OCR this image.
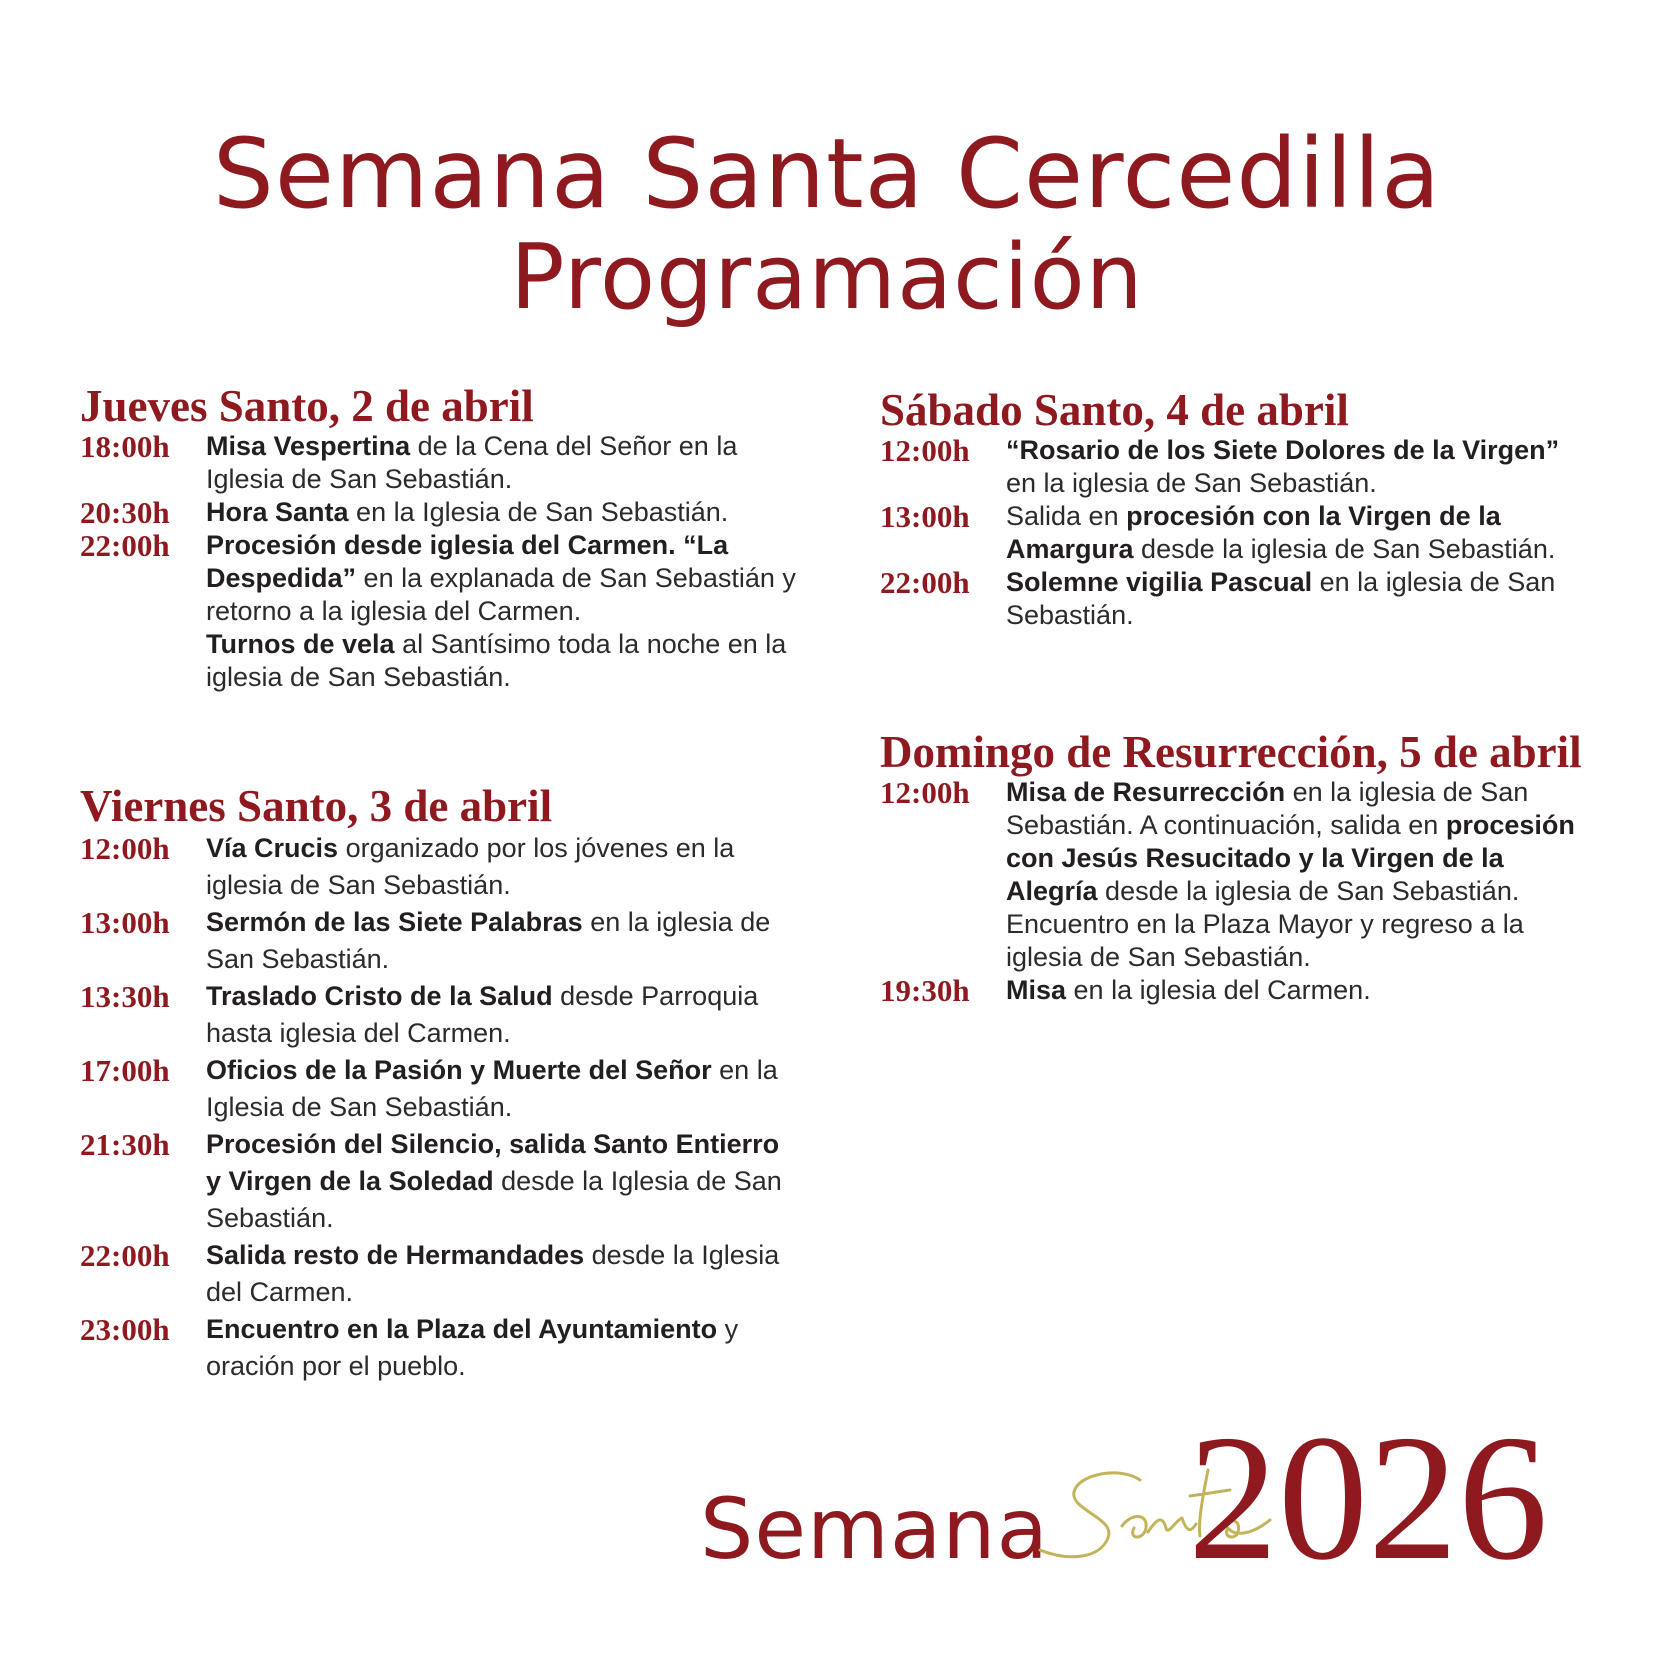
Semana Santa Cercedilla
Programación
Jueves Santo, 2 de abril
18:00h	Misa Vespertina de la Cena del Señor en la Iglesia de San Sebastián.
20:30h	Hora Santa en la Iglesia de San Sebastián.
22:00h	Procesión desde iglesia del Carmen. “La Despedida” en la explanada de San Sebastián y retorno a la iglesia del Carmen.
Turnos de vela al Santísimo toda la noche en la iglesia de San Sebastián.
Viernes Santo, 3 de abril
12:00h	Vía Crucis organizado por los jóvenes en la iglesia de San Sebastián.
13:00h	Sermón de las Siete Palabras en la iglesia de San Sebastián.
13:30h	Traslado Cristo de la Salud desde Parroquia hasta iglesia del Carmen.
17:00h	Oficios de la Pasión y Muerte del Señor en la Iglesia de San Sebastián.
21:30h	Procesión del Silencio, salida Santo Entierro y Virgen de la Soledad desde la Iglesia de San Sebastián.
22:00h	Salida resto de Hermandades desde la Iglesia del Carmen.
23:00h	Encuentro en la Plaza del Ayuntamiento y oración por el pueblo.
Sábado Santo, 4 de abril
12:00h	“Rosario de los Siete Dolores de la Virgen” en la iglesia de San Sebastián.
13:00h	Salida en procesión con la Virgen de la Amargura desde la iglesia de San Sebastián.
22:00h	Solemne vigilia Pascual en la iglesia de San Sebastián.
Domingo de Resurrección, 5 de abril
12:00h	Misa de Resurrección en la iglesia de San Sebastián. A continuación, salida en procesión con Jesús Resucitado y la Virgen de la Alegría desde la iglesia de San Sebastián. Encuentro en la Plaza Mayor y regreso a la iglesia de San Sebastián.
19:30h	Misa en la iglesia del Carmen.
Semana 2026
